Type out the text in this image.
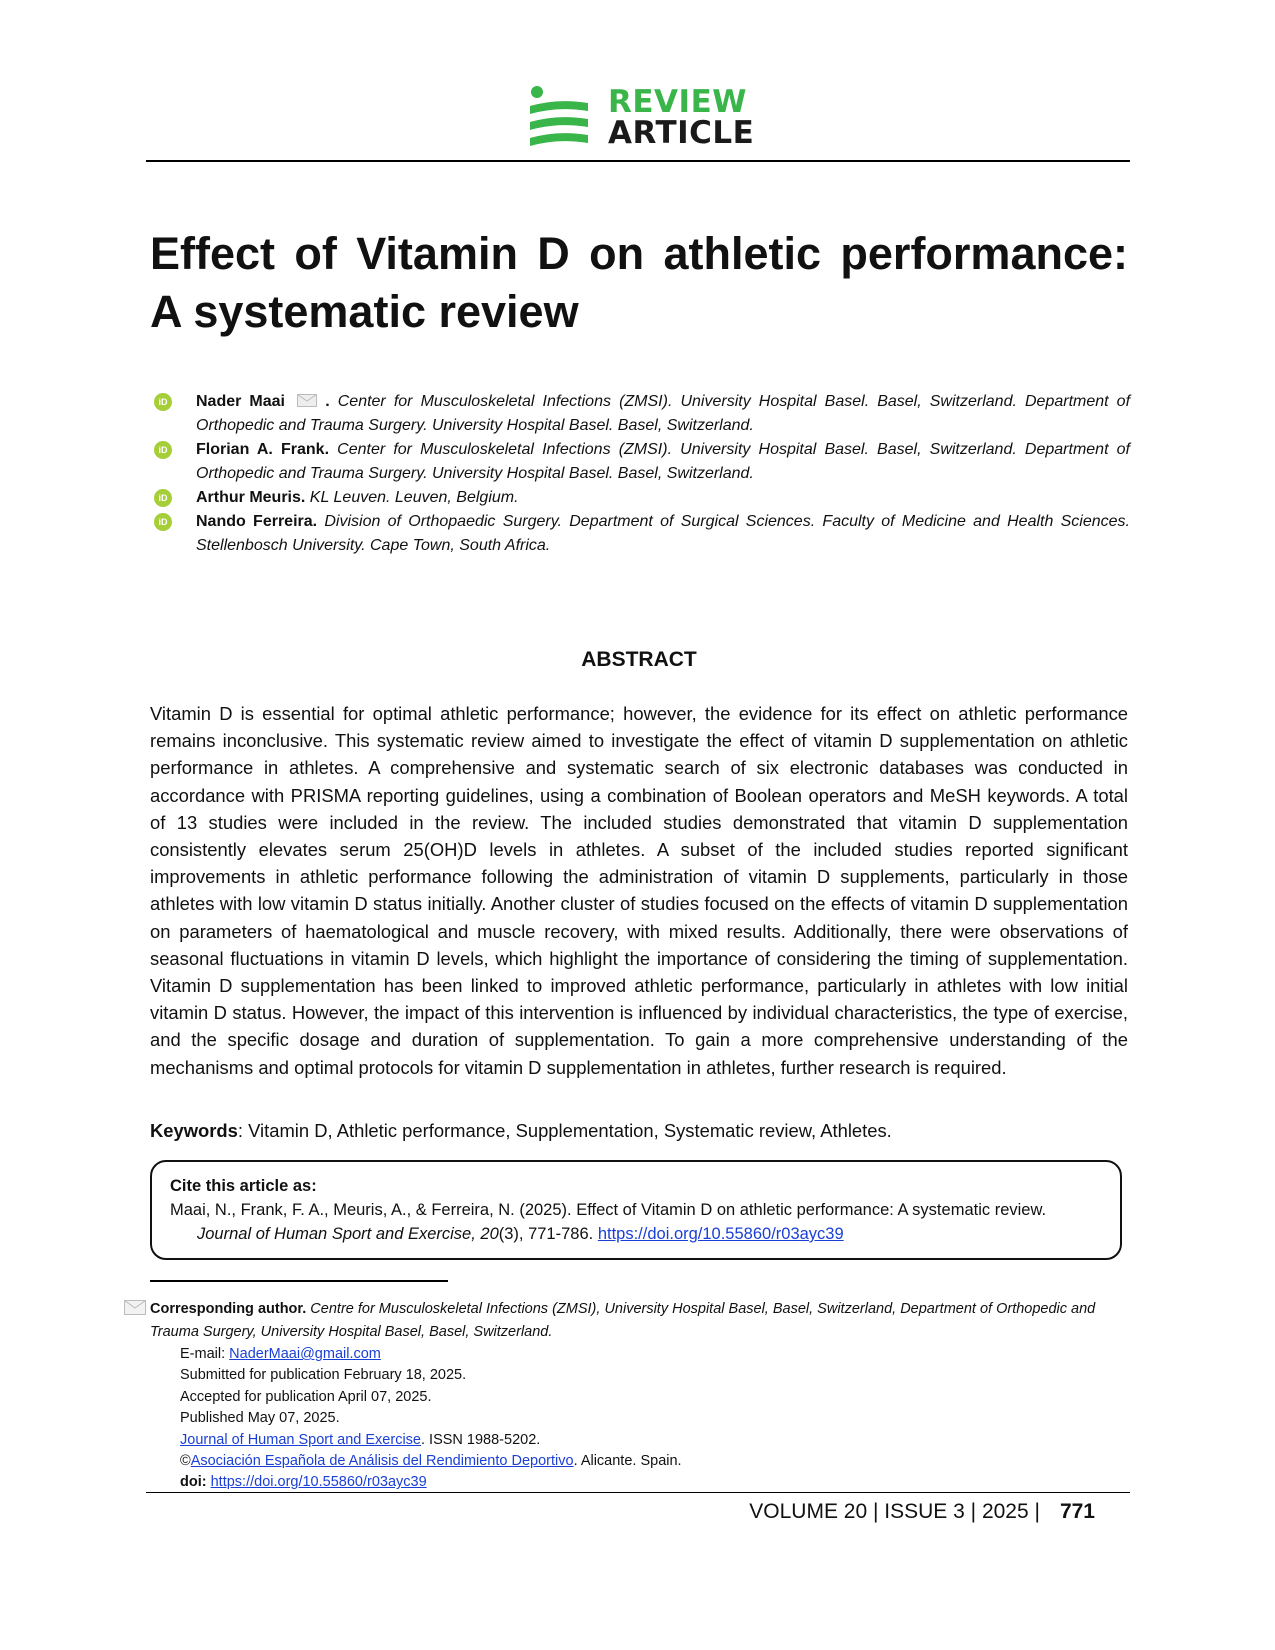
REVIEW
ARTICLE
Effect of Vitamin D on athletic performance: A systematic review
iD Nader Maai	. Center for Musculoskeletal Infections (ZMSI). University Hospital Basel. Basel, Switzerland. Department of Orthopedic and Trauma Surgery. University Hospital Basel. Basel, Switzerland.
iD Florian A. Frank. Center for Musculoskeletal Infections (ZMSI). University Hospital Basel. Basel, Switzerland. Department of Orthopedic and Trauma Surgery. University Hospital Basel. Basel, Switzerland.
iD Arthur Meuris. KL Leuven. Leuven, Belgium.
iD Nando Ferreira. Division of Orthopaedic Surgery. Department of Surgical Sciences. Faculty of Medicine and Health Sciences. Stellenbosch University. Cape Town, South Africa.
ABSTRACT
Vitamin D is essential for optimal athletic performance; however, the evidence for its effect on athletic performance remains inconclusive. This systematic review aimed to investigate the effect of vitamin D supplementation on athletic performance in athletes. A comprehensive and systematic search of six electronic databases was conducted in accordance with PRISMA reporting guidelines, using a combination of Boolean operators and MeSH keywords. A total of 13 studies were included in the review. The included studies demonstrated that vitamin D supplementation consistently elevates serum 25(OH)D levels in athletes. A subset of the included studies reported significant improvements in athletic performance following the administration of vitamin D supplements, particularly in those athletes with low vitamin D status initially. Another cluster of studies focused on the effects of vitamin D supplementation on parameters of haematological and muscle recovery, with mixed results. Additionally, there were observations of seasonal fluctuations in vitamin D levels, which highlight the importance of considering the timing of supplementation. Vitamin D supplementation has been linked to improved athletic performance, particularly in athletes with low initial vitamin D status. However, the impact of this intervention is influenced by individual characteristics, the type of exercise, and the specific dosage and duration of supplementation. To gain a more comprehensive understanding of the mechanisms and optimal protocols for vitamin D supplementation in athletes, further research is required.
Keywords: Vitamin D, Athletic performance, Supplementation, Systematic review, Athletes.
Cite this article as:
Maai, N., Frank, F. A., Meuris, A., & Ferreira, N. (2025). Effect of Vitamin D on athletic performance: A systematic review.
Journal of Human Sport and Exercise, 20(3), 771-786. https://doi.org/10.55860/r03ayc39
Corresponding author. Centre for Musculoskeletal Infections (ZMSI), University Hospital Basel, Basel, Switzerland, Department of Orthopedic and Trauma Surgery, University Hospital Basel, Basel, Switzerland.
E-mail: NaderMaai@gmail.com
Submitted for publication February 18, 2025.
Accepted for publication April 07, 2025.
Published May 07, 2025.
Journal of Human Sport and Exercise. ISSN 1988-5202.
©Asociación Española de Análisis del Rendimiento Deportivo. Alicante. Spain.
doi: https://doi.org/10.55860/r03ayc39
VOLUME 20 | ISSUE 3 | 2025 | 771
